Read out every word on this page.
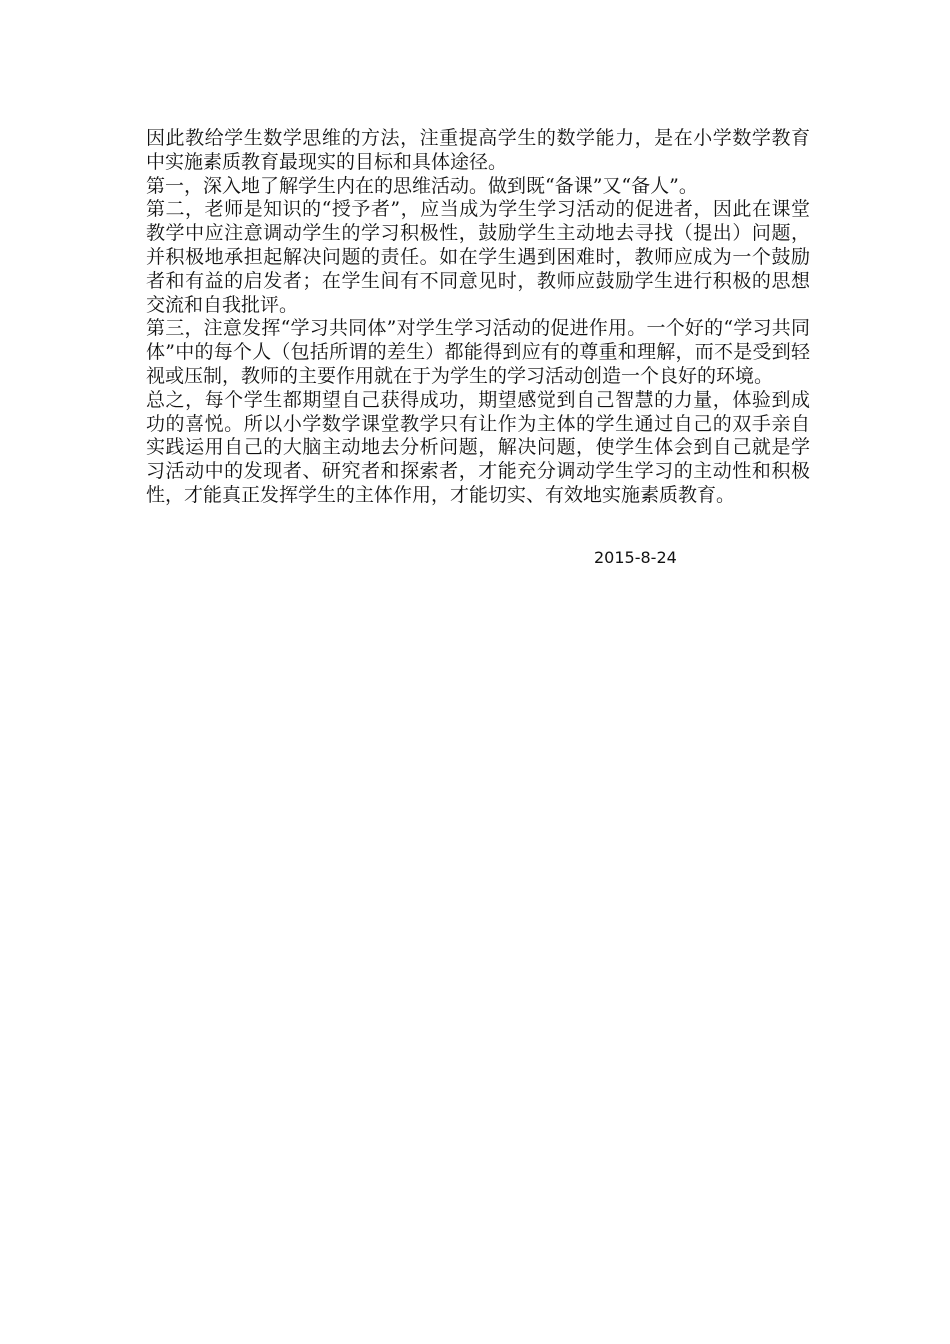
因此教给学生数学思维的方法，注重提高学生的数学能力，是在小学数学教育中实施素质教育最现实的目标和具体途径。

第一，深入地了解学生内在的思维活动。做到既“备课”又“备人”。

第二，老师是知识的“授予者”，应当成为学生学习活动的促进者，因此在课堂教学中应注意调动学生的学习积极性，鼓励学生主动地去寻找（提出）问题，并积极地承担起解决问题的责任。如在学生遇到困难时，教师应成为一个鼓励者和有益的启发者；在学生间有不同意见时，教师应鼓励学生进行积极的思想交流和自我批评。

第三，注意发挥“学习共同体”对学生学习活动的促进作用。一个好的“学习共同体”中的每个人（包括所谓的差生）都能得到应有的尊重和理解，而不是受到轻视或压制，教师的主要作用就在于为学生的学习活动创造一个良好的环境。

总之，每个学生都期望自己获得成功，期望感觉到自己智慧的力量，体验到成功的喜悦。所以小学数学课堂教学只有让作为主体的学生通过自己的双手亲自实践运用自己的大脑主动地去分析问题，解决问题，使学生体会到自己就是学习活动中的发现者、研究者和探索者，才能充分调动学生学习的主动性和积极性，才能真正发挥学生的主体作用，才能切实、有效地实施素质教育。

2015-8-24
